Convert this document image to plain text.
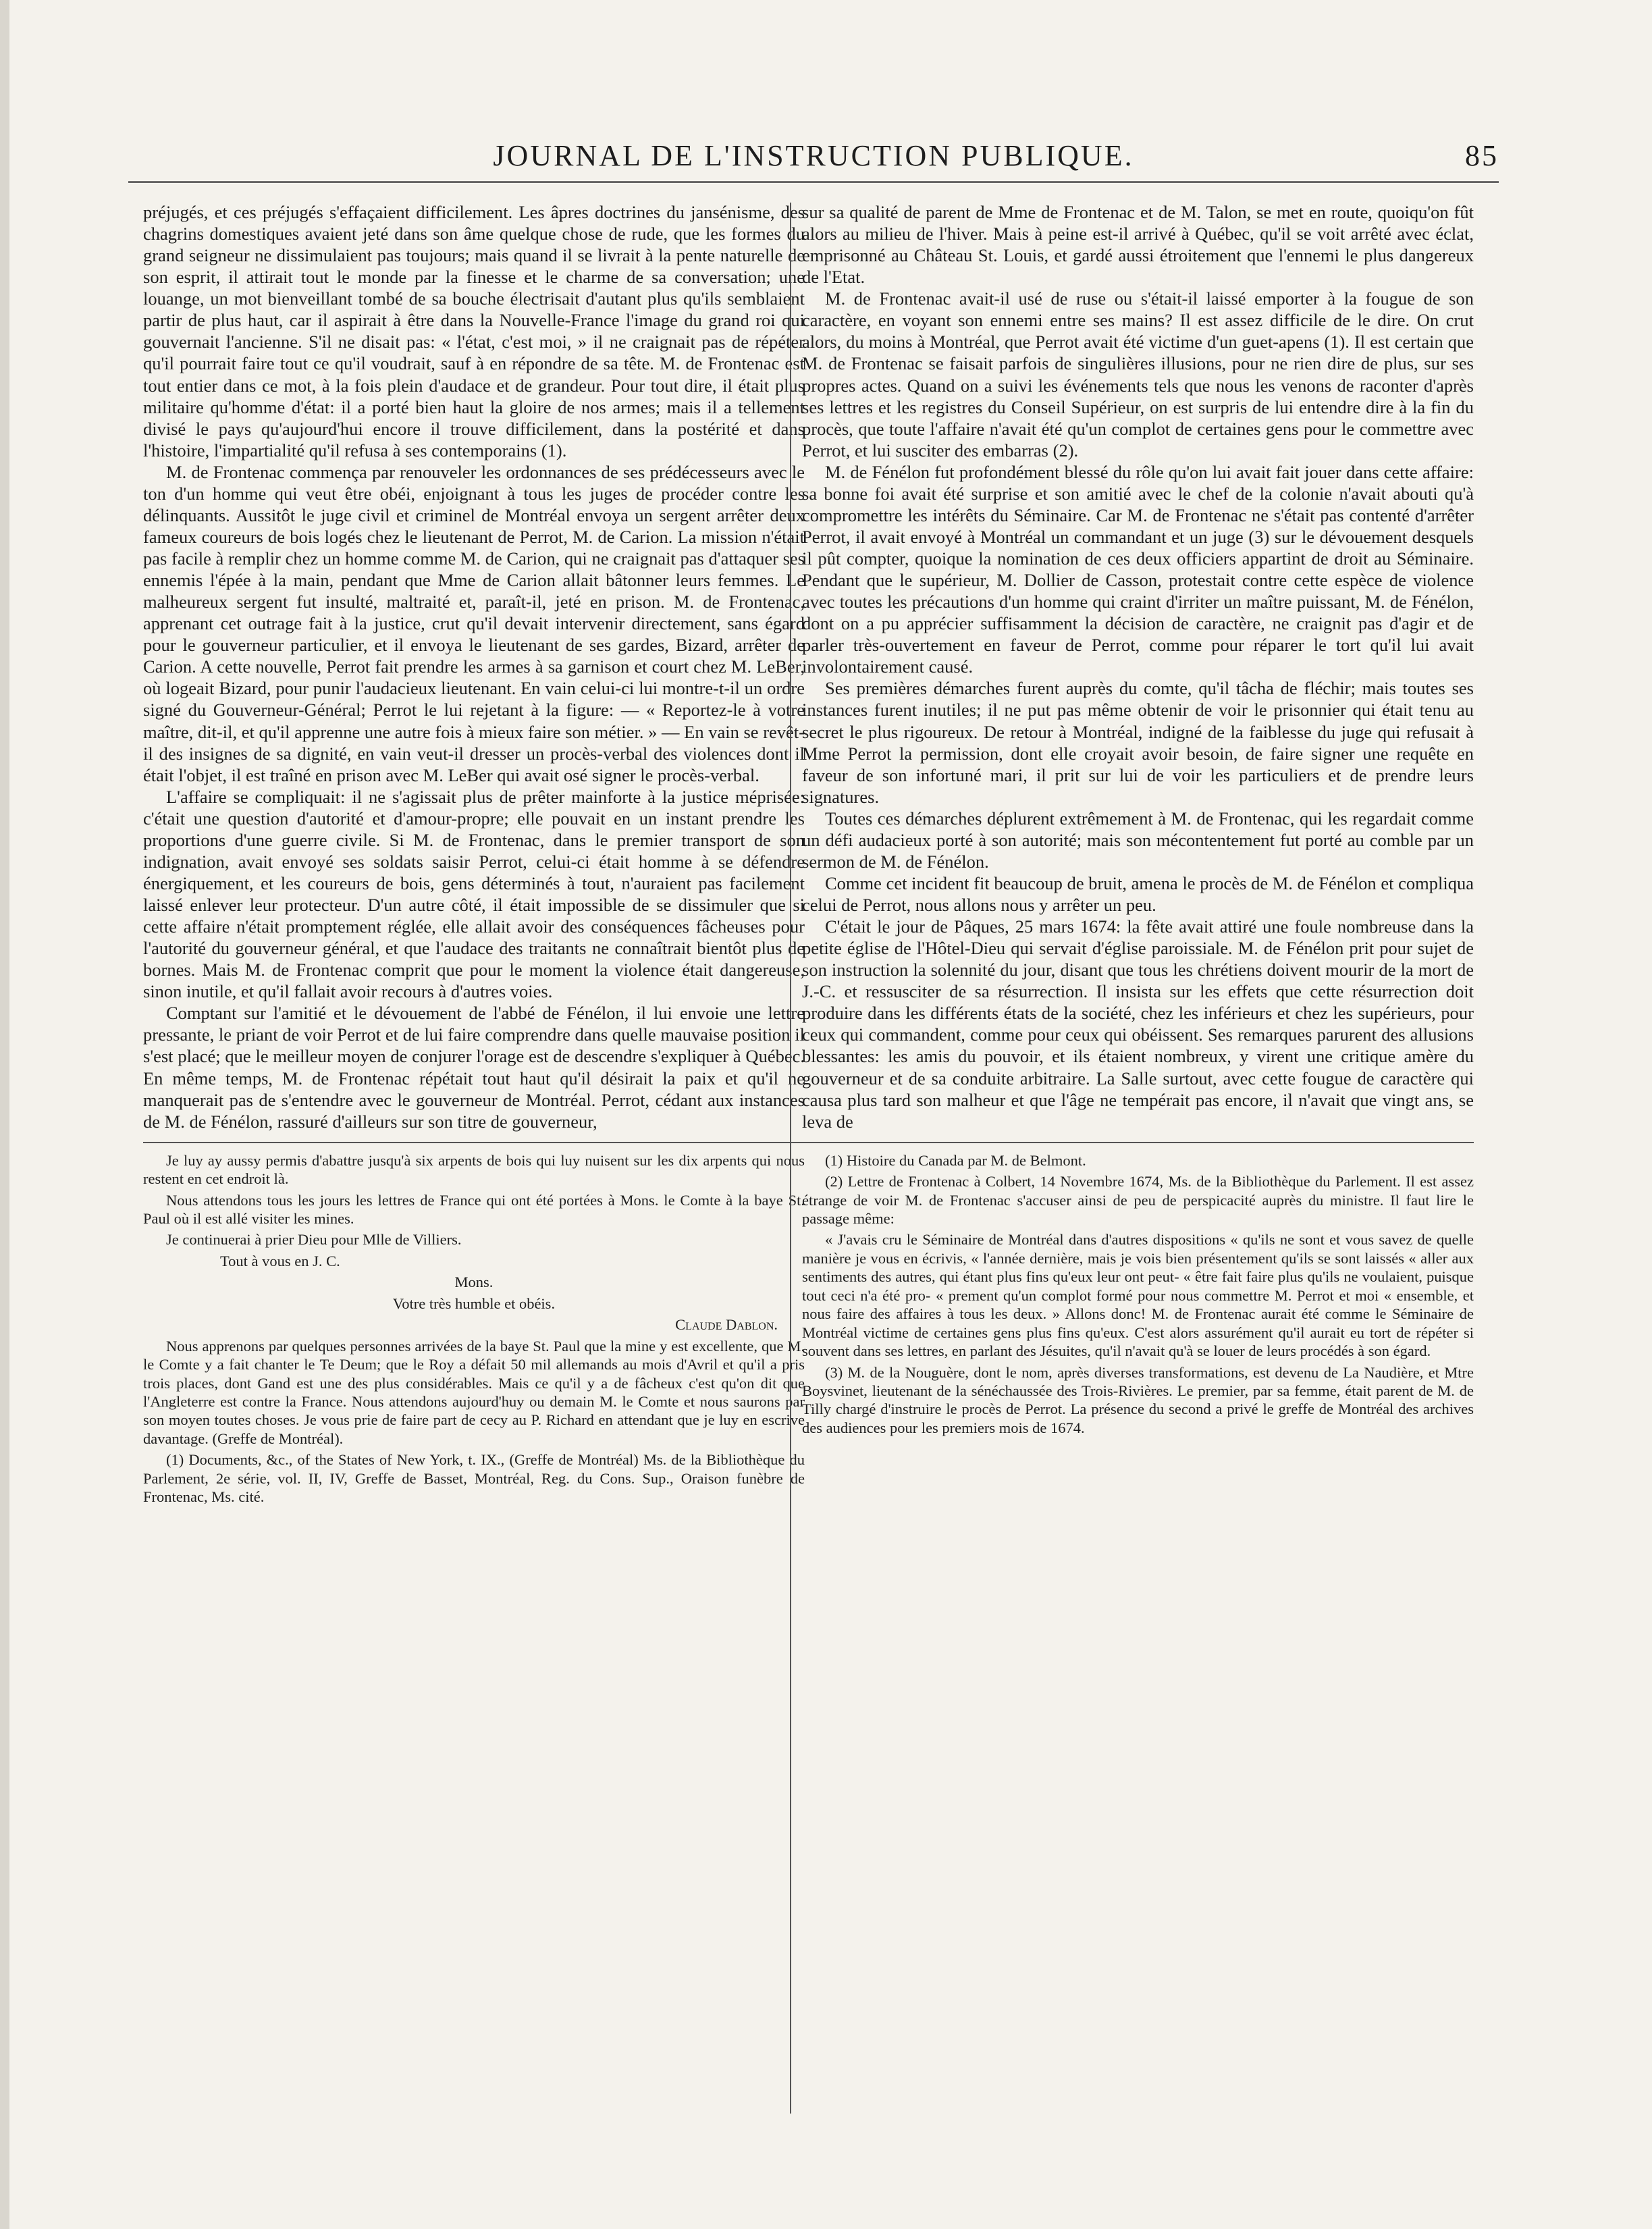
JOURNAL DE L'INSTRUCTION PUBLIQUE.	85

préjugés, et ces préjugés s'effaçaient difficilement. Les âpres doctrines du jansénisme, des chagrins domestiques avaient jeté dans son âme quelque chose de rude, que les formes du grand seigneur ne dissimulaient pas toujours; mais quand il se livrait à la pente naturelle de son esprit, il attirait tout le monde par la finesse et le charme de sa conversation; une louange, un mot bienveillant tombé de sa bouche électrisait d'autant plus qu'ils semblaient partir de plus haut, car il aspirait à être dans la Nouvelle-France l'image du grand roi qui gouvernait l'ancienne. S'il ne disait pas: « l'état, c'est moi, » il ne craignait pas de répéter qu'il pourrait faire tout ce qu'il voudrait, sauf à en répondre de sa tête. M. de Frontenac est tout entier dans ce mot, à la fois plein d'audace et de grandeur. Pour tout dire, il était plus militaire qu'homme d'état: il a porté bien haut la gloire de nos armes; mais il a tellement divisé le pays qu'aujourd'hui encore il trouve difficilement, dans la postérité et dans l'histoire, l'impartialité qu'il refusa à ses contemporains (1).

M. de Frontenac commença par renouveler les ordonnances de ses prédécesseurs avec le ton d'un homme qui veut être obéi, enjoignant à tous les juges de procéder contre les délinquants. Aussitôt le juge civil et criminel de Montréal envoya un sergent arrêter deux fameux coureurs de bois logés chez le lieutenant de Perrot, M. de Carion. La mission n'était pas facile à remplir chez un homme comme M. de Carion, qui ne craignait pas d'attaquer ses ennemis l'épée à la main, pendant que Mme de Carion allait bâtonner leurs femmes. Le malheureux sergent fut insulté, maltraité et, paraît-il, jeté en prison. M. de Frontenac, apprenant cet outrage fait à la justice, crut qu'il devait intervenir directement, sans égard pour le gouverneur particulier, et il envoya le lieutenant de ses gardes, Bizard, arrêter de Carion. A cette nouvelle, Perrot fait prendre les armes à sa garnison et court chez M. LeBer, où logeait Bizard, pour punir l'audacieux lieutenant. En vain celui-ci lui montre-t-il un ordre signé du Gouverneur-Général; Perrot le lui rejetant à la figure: — « Reportez-le à votre maître, dit-il, et qu'il apprenne une autre fois à mieux faire son métier. » — En vain se revêt-il des insignes de sa dignité, en vain veut-il dresser un procès-verbal des violences dont il était l'objet, il est traîné en prison avec M. LeBer qui avait osé signer le procès-verbal.

L'affaire se compliquait: il ne s'agissait plus de prêter mainforte à la justice méprisée: c'était une question d'autorité et d'amour-propre; elle pouvait en un instant prendre les proportions d'une guerre civile. Si M. de Frontenac, dans le premier transport de son indignation, avait envoyé ses soldats saisir Perrot, celui-ci était homme à se défendre énergiquement, et les coureurs de bois, gens déterminés à tout, n'auraient pas facilement laissé enlever leur protecteur. D'un autre côté, il était impossible de se dissimuler que si cette affaire n'était promptement réglée, elle allait avoir des conséquences fâcheuses pour l'autorité du gouverneur général, et que l'audace des traitants ne connaîtrait bientôt plus de bornes. Mais M. de Frontenac comprit que pour le moment la violence était dangereuse, sinon inutile, et qu'il fallait avoir recours à d'autres voies.

Comptant sur l'amitié et le dévouement de l'abbé de Fénélon, il lui envoie une lettre pressante, le priant de voir Perrot et de lui faire comprendre dans quelle mauvaise position il s'est placé; que le meilleur moyen de conjurer l'orage est de descendre s'expliquer à Québec. En même temps, M. de Frontenac répétait tout haut qu'il désirait la paix et qu'il ne manquerait pas de s'entendre avec le gouverneur de Montréal. Perrot, cédant aux instances de M. de Fénélon, rassuré d'ailleurs sur son titre de gouverneur,

Je luy ay aussy permis d'abattre jusqu'à six arpents de bois qui luy nuisent sur les dix arpents qui nous restent en cet endroit là.

Nous attendons tous les jours les lettres de France qui ont été portées à Mons. le Comte à la baye St. Paul où il est allé visiter les mines.

Je continuerai à prier Dieu pour Mlle de Villiers.

Tout à vous en J. C.

Mons.

Votre très humble et obéis.

Claude Dablon.

Nous apprenons par quelques personnes arrivées de la baye St. Paul que la mine y est excellente, que M. le Comte y a fait chanter le Te Deum; que le Roy a défait 50 mil allemands au mois d'Avril et qu'il a pris trois places, dont Gand est une des plus considérables. Mais ce qu'il y a de fâcheux c'est qu'on dit que l'Angleterre est contre la France. Nous attendons aujourd'huy ou demain M. le Comte et nous saurons par son moyen toutes choses. Je vous prie de faire part de cecy au P. Richard en attendant que je luy en escrive davantage. (Greffe de Montréal).

(1) Documents, &c., of the States of New York, t. IX., (Greffe de Montréal) Ms. de la Bibliothèque du Parlement, 2e série, vol. II, IV, Greffe de Basset, Montréal, Reg. du Cons. Sup., Oraison funèbre de Frontenac, Ms. cité.

sur sa qualité de parent de Mme de Frontenac et de M. Talon, se met en route, quoiqu'on fût alors au milieu de l'hiver. Mais à peine est-il arrivé à Québec, qu'il se voit arrêté avec éclat, emprisonné au Château St. Louis, et gardé aussi étroitement que l'ennemi le plus dangereux de l'Etat.

M. de Frontenac avait-il usé de ruse ou s'était-il laissé emporter à la fougue de son caractère, en voyant son ennemi entre ses mains? Il est assez difficile de le dire. On crut alors, du moins à Montréal, que Perrot avait été victime d'un guet-apens (1). Il est certain que M. de Frontenac se faisait parfois de singulières illusions, pour ne rien dire de plus, sur ses propres actes. Quand on a suivi les événements tels que nous les venons de raconter d'après ses lettres et les registres du Conseil Supérieur, on est surpris de lui entendre dire à la fin du procès, que toute l'affaire n'avait été qu'un complot de certaines gens pour le commettre avec Perrot, et lui susciter des embarras (2).

M. de Fénélon fut profondément blessé du rôle qu'on lui avait fait jouer dans cette affaire: sa bonne foi avait été surprise et son amitié avec le chef de la colonie n'avait abouti qu'à compromettre les intérêts du Séminaire. Car M. de Frontenac ne s'était pas contenté d'arrêter Perrot, il avait envoyé à Montréal un commandant et un juge (3) sur le dévouement desquels il pût compter, quoique la nomination de ces deux officiers appartint de droit au Séminaire. Pendant que le supérieur, M. Dollier de Casson, protestait contre cette espèce de violence avec toutes les précautions d'un homme qui craint d'irriter un maître puissant, M. de Fénélon, dont on a pu apprécier suffisamment la décision de caractère, ne craignit pas d'agir et de parler très-ouvertement en faveur de Perrot, comme pour réparer le tort qu'il lui avait involontairement causé.

Ses premières démarches furent auprès du comte, qu'il tâcha de fléchir; mais toutes ses instances furent inutiles; il ne put pas même obtenir de voir le prisonnier qui était tenu au secret le plus rigoureux. De retour à Montréal, indigné de la faiblesse du juge qui refusait à Mme Perrot la permission, dont elle croyait avoir besoin, de faire signer une requête en faveur de son infortuné mari, il prit sur lui de voir les particuliers et de prendre leurs signatures.

Toutes ces démarches déplurent extrêmement à M. de Frontenac, qui les regardait comme un défi audacieux porté à son autorité; mais son mécontentement fut porté au comble par un sermon de M. de Fénélon.

Comme cet incident fit beaucoup de bruit, amena le procès de M. de Fénélon et compliqua celui de Perrot, nous allons nous y arrêter un peu.

C'était le jour de Pâques, 25 mars 1674: la fête avait attiré une foule nombreuse dans la petite église de l'Hôtel-Dieu qui servait d'église paroissiale. M. de Fénélon prit pour sujet de son instruction la solennité du jour, disant que tous les chrétiens doivent mourir de la mort de J.-C. et ressusciter de sa résurrection. Il insista sur les effets que cette résurrection doit produire dans les différents états de la société, chez les inférieurs et chez les supérieurs, pour ceux qui commandent, comme pour ceux qui obéissent. Ses remarques parurent des allusions blessantes: les amis du pouvoir, et ils étaient nombreux, y virent une critique amère du gouverneur et de sa conduite arbitraire. La Salle surtout, avec cette fougue de caractère qui causa plus tard son malheur et que l'âge ne tempérait pas encore, il n'avait que vingt ans, se leva de

(1) Histoire du Canada par M. de Belmont.

(2) Lettre de Frontenac à Colbert, 14 Novembre 1674, Ms. de la Bibliothèque du Parlement. Il est assez étrange de voir M. de Frontenac s'accuser ainsi de peu de perspicacité auprès du ministre. Il faut lire le passage même:

« J'avais cru le Séminaire de Montréal dans d'autres dispositions « qu'ils ne sont et vous savez de quelle manière je vous en écrivis, « l'année dernière, mais je vois bien présentement qu'ils se sont laissés « aller aux sentiments des autres, qui étant plus fins qu'eux leur ont peut- « être fait faire plus qu'ils ne voulaient, puisque tout ceci n'a été pro- « prement qu'un complot formé pour nous commettre M. Perrot et moi « ensemble, et nous faire des affaires à tous les deux. » Allons donc! M. de Frontenac aurait été comme le Séminaire de Montréal victime de certaines gens plus fins qu'eux. C'est alors assurément qu'il aurait eu tort de répéter si souvent dans ses lettres, en parlant des Jésuites, qu'il n'avait qu'à se louer de leurs procédés à son égard.

(3) M. de la Nouguère, dont le nom, après diverses transformations, est devenu de La Naudière, et Mtre Boysvinet, lieutenant de la sénéchaussée des Trois-Rivières. Le premier, par sa femme, était parent de M. de Tilly chargé d'instruire le procès de Perrot. La présence du second a privé le greffe de Montréal des archives des audiences pour les premiers mois de 1674.
